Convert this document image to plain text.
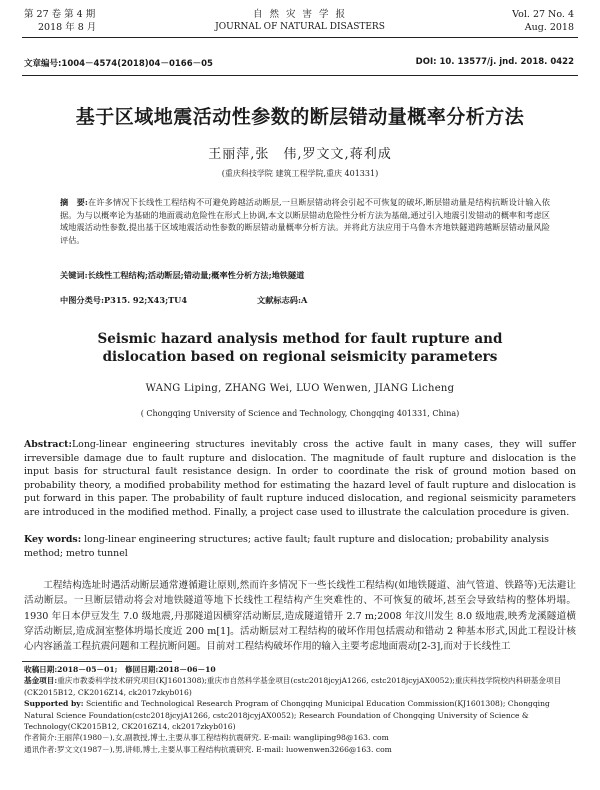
第 27 卷 第 4 期
2018 年 8 月
自 然 灾 害 学 报
JOURNAL OF NATURAL DISASTERS
Vol. 27 No. 4
Aug. 2018
文章编号:1004－4574(2018)04－0166－05	DOI: 10. 13577/j. jnd. 2018. 0422
基于区域地震活动性参数的断层错动量概率分析方法
王丽萍,张　伟,罗文文,蒋利成
(重庆科技学院 建筑工程学院,重庆 401331)
摘　要:在许多情况下长线性工程结构不可避免跨越活动断层,一旦断层错动将会引起不可恢复的破坏,断层错动量是结构抗断设计输入依据。为与以概率论为基础的地面震动危险性在形式上协调,本文以断层错动危险性分析方法为基础,通过引入地震引发错动的概率和考虑区域地震活动性参数,提出基于区域地震活动性参数的断层错动量概率分析方法。并将此方法应用于乌鲁木齐地铁隧道跨越断层错动量风险评估。
关键词:长线性工程结构;活动断层;错动量;概率性分析方法;地铁隧道
中图分类号:P315. 92;X43;TU4	文献标志码:A
Seismic hazard analysis method for fault rupture and
dislocation based on regional seismicity parameters
WANG Liping, ZHANG Wei, LUO Wenwen, JIANG Licheng
( Chongqing University of Science and Technology, Chongqing 401331, China)
Abstract:Long-linear engineering structures inevitably cross the active fault in many cases, they will suffer irreversible damage due to fault rupture and dislocation. The magnitude of fault rupture and dislocation is the input basis for structural fault resistance design. In order to coordinate the risk of ground motion based on probability theory, a modified probability method for estimating the hazard level of fault rupture and dislocation is put forward in this paper. The probability of fault rupture induced dislocation, and regional seismicity parameters are introduced in the modified method. Finally, a project case used to illustrate the calculation procedure is given.
Key words: long-linear engineering structures; active fault; fault rupture and dislocation; probability analysis method; metro tunnel
工程结构选址时遇活动断层通常遵循避让原则,然而许多情况下一些长线性工程结构(如地铁隧道、油气管道、铁路等)无法避让活动断层。一旦断层错动将会对地铁隧道等地下长线性工程结构产生突难性的、不可恢复的破坏,甚至会导致结构的整体坍塌。1930 年日本伊豆发生 7.0 级地震,丹那隧道因横穿活动断层,造成隧道错开 2.7 m;2008 年汶川发生 8.0 级地震,映秀龙溪隧道横穿活动断层,造成洞室整体坍塌长度近 200 m[1]。活动断层对工程结构的破坏作用包括震动和错动 2 种基本形式,因此工程设计核心内容涵盖工程抗震问题和工程抗断问题。目前对工程结构破坏作用的输入主要考虑地面震动[2-3],而对于长线性工

收稿日期:2018－05－01;　修回日期:2018－06－10

基金项目:重庆市教委科学技术研究项目(KJ1601308);重庆市自然科学基金项目(cstc2018jcyjA1266, cstc2018jcyjAX0052);重庆科技学院校内科研基金项目(CK2015B12, CK2016Z14, ck2017zkyb016)

Supported by: Scientific and Technological Research Program of Chongqing Municipal Education Commission(KJ1601308); Chongqing Natural Science Foundation(cstc2018jcyjA1266, cstc2018jcyjAX0052); Research Foundation of Chongqing University of Science & Technology(CK2015B12, CK2016Z14, ck2017zkyb016)

作者简介:王丽萍(1980－),女,副教授,博士,主要从事工程结构抗震研究. E-mail: wangliping98@163. com

通讯作者:罗文文(1987－),男,讲师,博士,主要从事工程结构抗震研究. E-mail: luowenwen3266@163. com
